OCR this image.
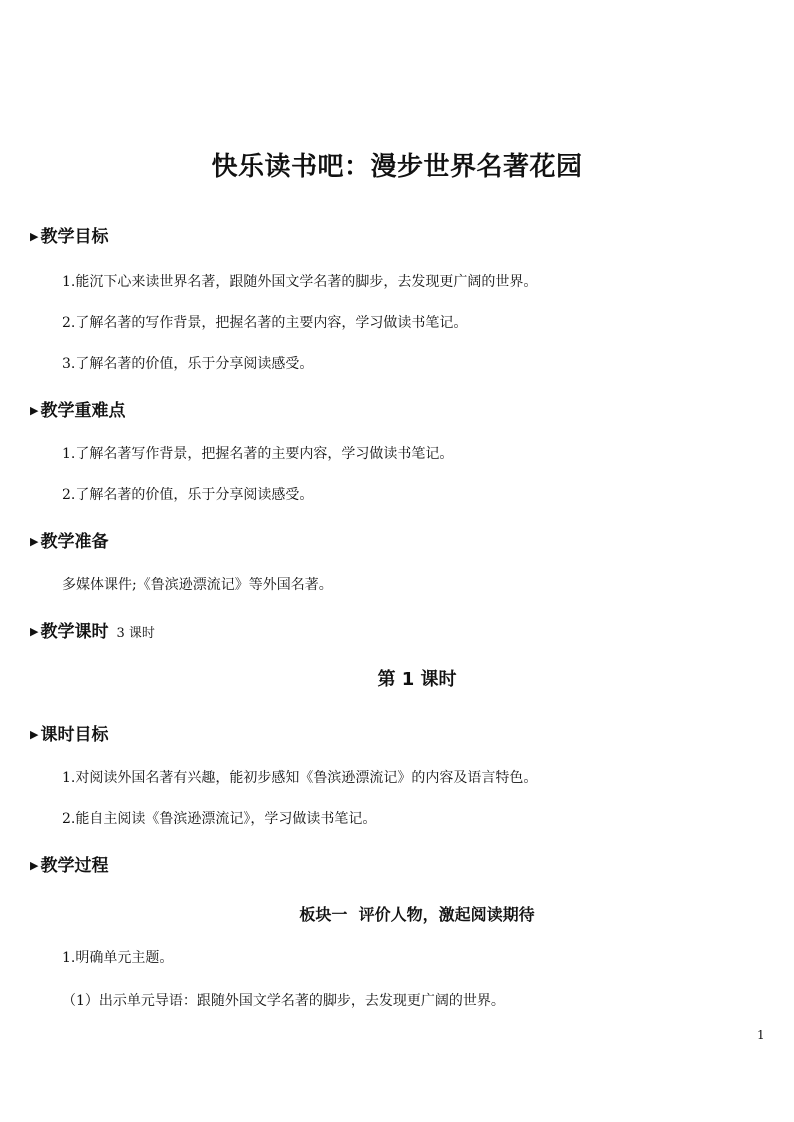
快乐读书吧：漫步世界名著花园
▶ 教学目标
1.能沉下心来读世界名著，跟随外国文学名著的脚步，去发现更广阔的世界。
2.了解名著的写作背景，把握名著的主要内容，学习做读书笔记。
3.了解名著的价值，乐于分享阅读感受。
▶ 教学重难点
1.了解名著写作背景，把握名著的主要内容，学习做读书笔记。
2.了解名著的价值，乐于分享阅读感受。
▶ 教学准备
多媒体课件;《鲁滨逊漂流记》等外国名著。
▶ 教学课时 3 课时
第 1 课时
▶ 课时目标
1.对阅读外国名著有兴趣，能初步感知《鲁滨逊漂流记》的内容及语言特色。
2.能自主阅读《鲁滨逊漂流记》，学习做读书笔记。
▶ 教学过程
板块一  评价人物，激起阅读期待
1.明确单元主题。
（1）出示单元导语：跟随外国文学名著的脚步，去发现更广阔的世界。
1
